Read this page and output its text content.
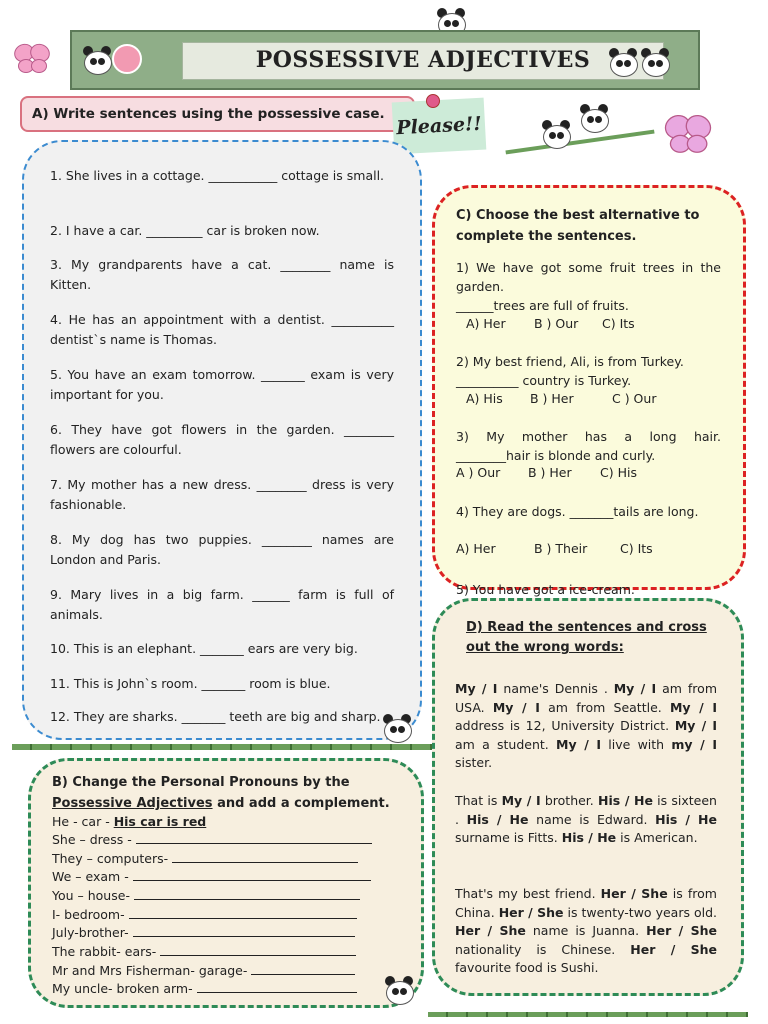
POSSESSIVE ADJECTIVES
A) Write sentences using the possessive case. Please!!
1. She lives in a cottage. ___________ cottage is small.
2. I have a car. _________ car is broken now.
3. My grandparents have a cat. ________ name is Kitten.
4. He has an appointment with a dentist. __________ dentist`s name is Thomas.
5. You have an exam tomorrow. _______ exam is very important for you.
6. They have got flowers in the garden. ________ flowers are colourful.
7. My mother has a new dress. ________ dress is very fashionable.
8. My dog has two puppies. ________ names are London and Paris.
9. Mary lives in a big farm. ______ farm is full of animals.
10. This is an elephant. _______ ears are very big.
11. This is John`s room. _______ room is blue.
12. They are sharks. _______ teeth are big and sharp.
C) Choose the best alternative to complete the sentences.
1) We have got some fruit trees in the garden.
______trees are full of fruits.
A) Her B ) Our C) Its
2) My best friend, Ali, is from Turkey.
__________ country is Turkey.
A) His B ) Her	C ) Our
3) My mother has a long hair.
________hair is blonde and curly.
A ) Our B ) Her C) His
4) They are dogs. _______tails are long.
A) Her	B ) Their	C) Its
5) You have got a ice-cream.
D) Read the sentences and cross out the wrong words:
My / I name's Dennis . My / I am from USA. My / I am from Seattle. My / I address is 12, University District. My / I am a student. My / I live with my / I sister.
That is My / I brother. His / He is sixteen . His / He name is Edward. His / He surname is Fitts. His / He is American.
That's my best friend. Her / She is from China. Her / She is twenty-two years old. Her / She name is Juanna. Her / She nationality is Chinese. Her / She favourite food is Sushi.
B) Change the Personal Pronouns by the
Possessive Adjectives and add a complement.
He - car - His car is red
She – dress -
They – computers-
We – exam -
You – house-
I- bedroom-
July-brother-
The rabbit- ears-
Mr and Mrs Fisherman- garage-
My uncle- broken arm-
